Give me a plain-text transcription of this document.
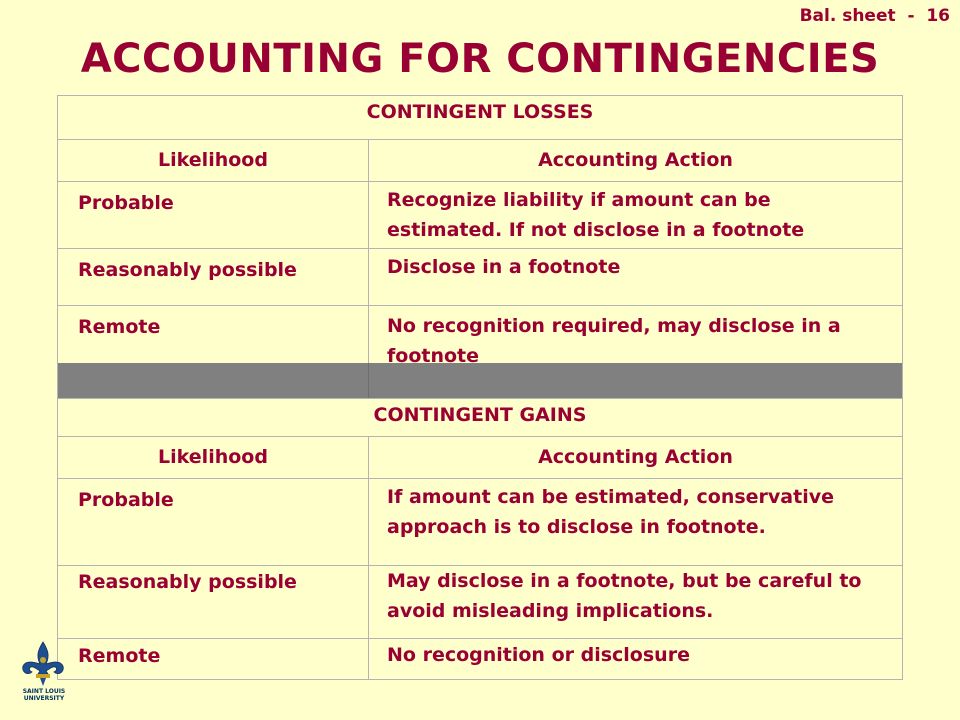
Bal. sheet  -  16
ACCOUNTING FOR CONTINGENCIES
CONTINGENT LOSSES
Likelihood	Accounting Action
Probable	Recognize liability if amount can be estimated. If not disclose in a footnote
Reasonably possible	Disclose in a footnote
Remote	No recognition required, may disclose in a footnote
CONTINGENT GAINS
Likelihood	Accounting Action
Probable	If amount can be estimated, conservative approach is to disclose in footnote.
Reasonably possible	May disclose in a footnote, but be careful to avoid misleading implications.
Remote	No recognition or disclosure
SAINT LOUIS
UNIVERSITY
